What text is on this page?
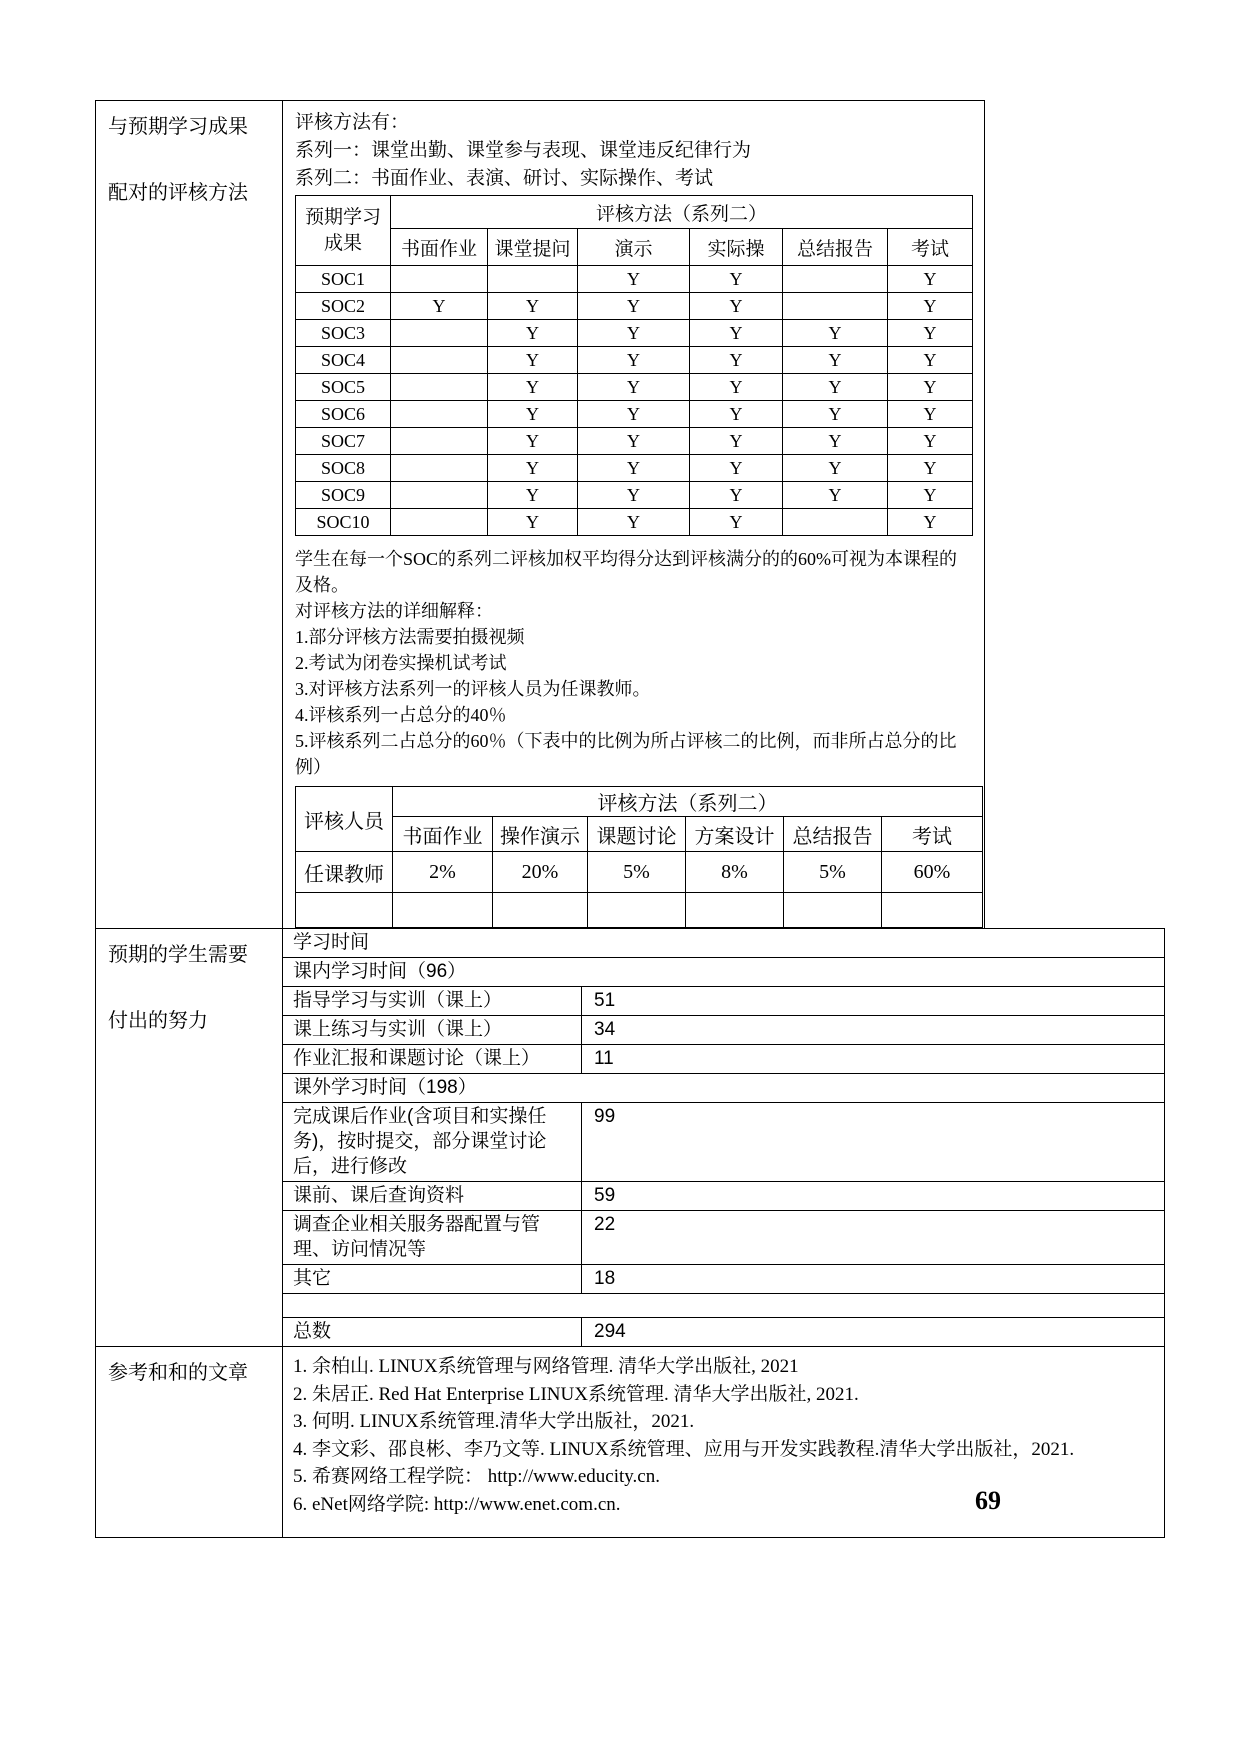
与预期学习成果
配对的评核方法
评核方法有：
系列一：课堂出勤、课堂参与表现、课堂违反纪律行为
系列二：书面作业、表演、研讨、实际操作、考试
预期学习
成果	评核方法（系列二）					
	书面作业	课堂提问	演示	实际操	总结报告	考试
SOC1			Y	Y		Y
SOC2	Y	Y	Y	Y		Y
SOC3		Y	Y	Y	Y	Y
SOC4		Y	Y	Y	Y	Y
SOC5		Y	Y	Y	Y	Y
SOC6		Y	Y	Y	Y	Y
SOC7		Y	Y	Y	Y	Y
SOC8		Y	Y	Y	Y	Y
SOC9		Y	Y	Y	Y	Y
SOC10		Y	Y	Y		Y
学生在每一个SOC的系列二评核加权平均得分达到评核满分的的60%可视为本课程的及格。
对评核方法的详细解释：
1.部分评核方法需要拍摄视频
2.考试为闭卷实操机试考试
3.对评核方法系列一的评核人员为任课教师。
4.评核系列一占总分的40％
5.评核系列二占总分的60％（下表中的比例为所占评核二的比例，而非所占总分的比例）
评核人员	评核方法（系列二）					
	书面作业	操作演示	课题讨论	方案设计	总结报告	考试
任课教师	2%	20%	5%	8%	5%	60%

预期的学生需要
付出的努力
学习时间
课内学习时间（96）
指导学习与实训（课上）	51
课上练习与实训（课上）	34
作业汇报和课题讨论（课上）	11
课外学习时间（198）
完成课后作业(含项目和实操任务)，按时提交，部分课堂讨论后，进行修改
99
课前、课后查询资料	59
调查企业相关服务器配置与管理、访问情况等
22
其它	18
总数	294
参考和和的文章	1. 余柏山. LINUX系统管理与网络管理. 清华大学出版社, 2021
2. 朱居正. Red Hat Enterprise LINUX系统管理. 清华大学出版社, 2021.
3. 何明. LINUX系统管理.清华大学出版社，2021.
4. 李文彩、邵良彬、李乃文等. LINUX系统管理、应用与开发实践教程.清华大学出版社，2021.
5. 希赛网络工程学院： http://www.educity.cn.
6. eNet网络学院: http://www.enet.com.cn.	69
